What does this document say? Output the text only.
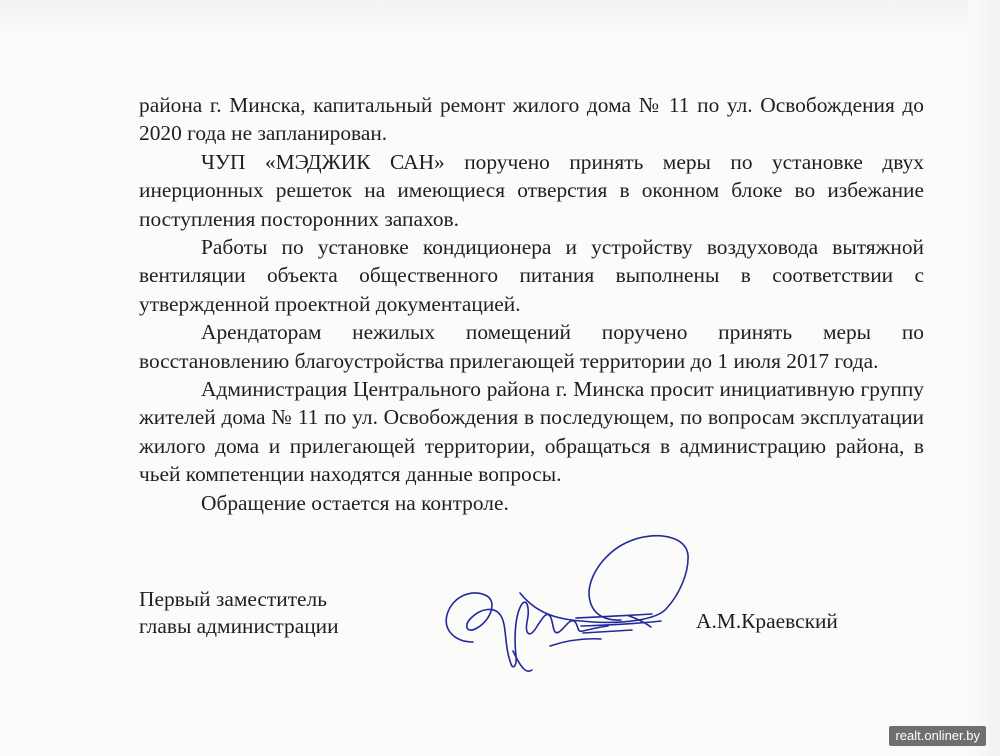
района г. Минска, капитальный ремонт жилого дома № 11 по ул. Освобождения до 2020 года не запланирован.

ЧУП «МЭДЖИК САН» поручено принять меры по установке двух инерционных решеток на имеющиеся отверстия в оконном блоке во избежание поступления посторонних запахов.

Работы по установке кондиционера и устройству воздуховода вытяжной вентиляции объекта общественного питания выполнены в соответствии с утвержденной проектной документацией.

Арендаторам нежилых помещений поручено принять меры по восстановлению благоустройства прилегающей территории до 1 июля 2017 года.

Администрация Центрального района г. Минска просит инициативную группу жителей дома № 11 по ул. Освобождения в последующем, по вопросам эксплуатации жилого дома и прилегающей территории, обращаться в администрацию района, в чьей компетенции находятся данные вопросы.

Обращение остается на контроле.

Первый заместитель
главы администрации	А.М.Краевский
realt.onliner.by
